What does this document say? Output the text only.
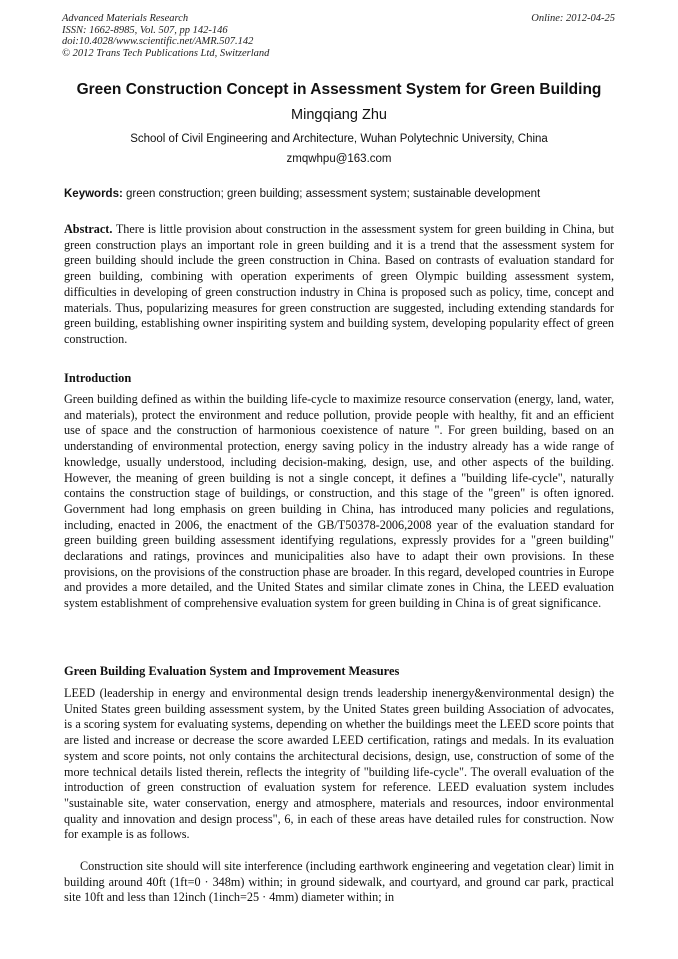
Advanced Materials Research
ISSN: 1662-8985, Vol. 507, pp 142-146
doi:10.4028/www.scientific.net/AMR.507.142
© 2012 Trans Tech Publications Ltd, Switzerland
Online: 2012-04-25
Green Construction Concept in Assessment System for Green Building
Mingqiang Zhu
School of Civil Engineering and Architecture, Wuhan Polytechnic University, China
zmqwhpu@163.com
Keywords: green construction; green building; assessment system; sustainable development

Abstract. There is little provision about construction in the assessment system for green building in China, but green construction plays an important role in green building and it is a trend that the assessment system for green building should include the green construction in China. Based on contrasts of evaluation standard for green building, combining with operation experiments of green Olympic building assessment system, difficulties in developing of green construction industry in China is proposed such as policy, time, concept and materials. Thus, popularizing measures for green construction are suggested, including extending standards for green building, establishing owner inspiriting system and building system, developing popularity effect of green construction.

Introduction

Green building defined as within the building life-cycle to maximize resource conservation (energy, land, water, and materials), protect the environment and reduce pollution, provide people with healthy, fit and an efficient use of space and the construction of harmonious coexistence of nature ". For green building, based on an understanding of environmental protection, energy saving policy in the industry already has a wide range of knowledge, usually understood, including decision-making, design, use, and other aspects of the building. However, the meaning of green building is not a single concept, it defines a "building life-cycle", naturally contains the construction stage of buildings, or construction, and this stage of the "green" is often ignored. Government had long emphasis on green building in China, has introduced many policies and regulations, including, enacted in 2006, the enactment of the GB/T50378-2006,2008 year of the evaluation standard for green building green building assessment identifying regulations, expressly provides for a "green building" declarations and ratings, provinces and municipalities also have to adapt their own provisions. In these provisions, on the provisions of the construction phase are broader. In this regard, developed countries in Europe and provides a more detailed, and the United States and similar climate zones in China, the LEED evaluation system establishment of comprehensive evaluation system for green building in China is of great significance.

Green Building Evaluation System and Improvement Measures

LEED (leadership in energy and environmental design trends leadership inenergy&environmental design) the United States green building assessment system, by the United States green building Association of advocates, is a scoring system for evaluating systems, depending on whether the buildings meet the LEED score points that are listed and increase or decrease the score awarded LEED certification, ratings and medals. In its evaluation system and score points, not only contains the architectural decisions, design, use, construction of some of the more technical details listed therein, reflects the integrity of "building life-cycle". The overall evaluation of the introduction of green construction of evaluation system for reference. LEED evaluation system includes "sustainable site, water conservation, energy and atmosphere, materials and resources, indoor environmental quality and innovation and design process", 6, in each of these areas have detailed rules for construction. Now for example is as follows.

Construction site should will site interference (including earthwork engineering and vegetation clear) limit in building around 40ft (1ft=0 · 348m) within; in ground sidewalk, and courtyard, and ground car park, practical site 10ft and less than 12inch (1inch=25 · 4mm) diameter within; in
